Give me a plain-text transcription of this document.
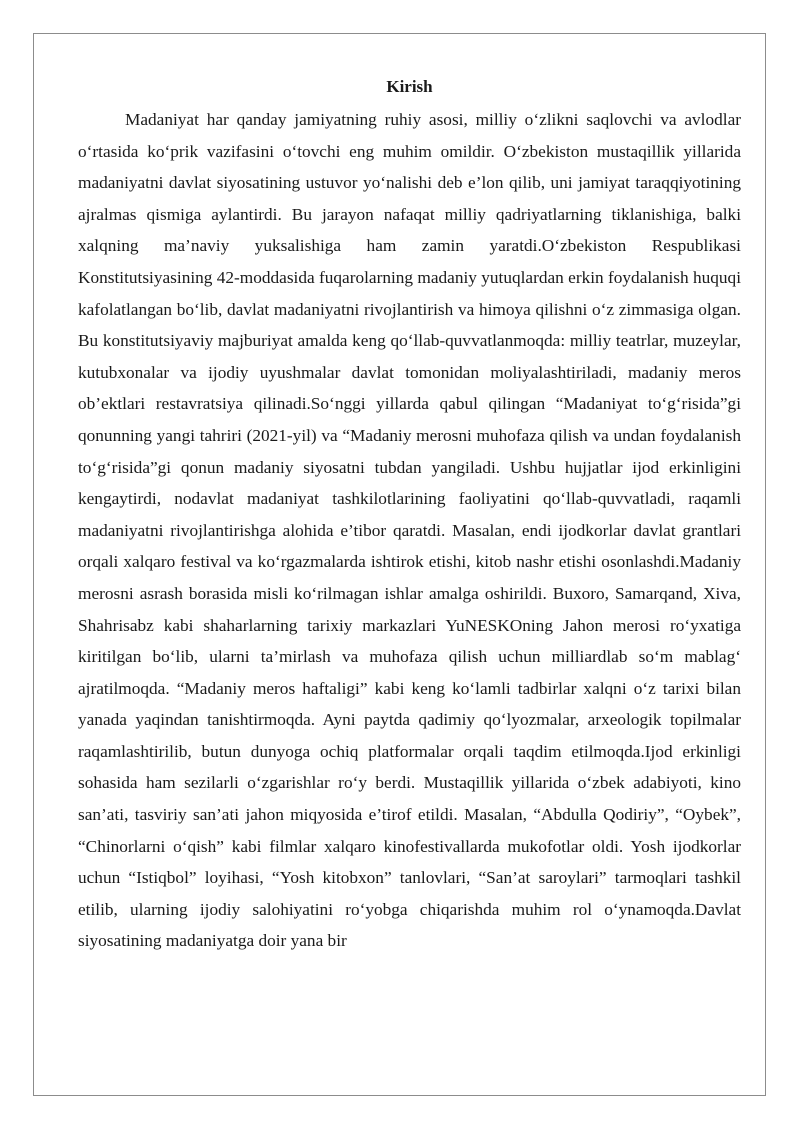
Kirish

Madaniyat har qanday jamiyatning ruhiy asosi, milliy o‘zlikni saqlovchi va avlodlar o‘rtasida ko‘prik vazifasini o‘tovchi eng muhim omildir. O‘zbekiston mustaqillik yillarida madaniyatni davlat siyosatining ustuvor yo‘nalishi deb e’lon qilib, uni jamiyat taraqqiyotining ajralmas qismiga aylantirdi. Bu jarayon nafaqat milliy qadriyatlarning tiklanishiga, balki xalqning ma’naviy yuksalishiga ham zamin yaratdi.O‘zbekiston Respublikasi Konstitutsiyasining 42-moddasida fuqarolarning madaniy yutuqlardan erkin foydalanish huquqi kafolatlangan bo‘lib, davlat madaniyatni rivojlantirish va himoya qilishni o‘z zimmasiga olgan. Bu konstitutsiyaviy majburiyat amalda keng qo‘llab-quvvatlanmoqda: milliy teatrlar, muzeylar, kutubxonalar va ijodiy uyushmalar davlat tomonidan moliyalashtiriladi, madaniy meros ob’ektlari restavratsiya qilinadi.So‘nggi yillarda qabul qilingan “Madaniyat to‘g‘risida”gi qonunning yangi tahriri (2021-yil) va “Madaniy merosni muhofaza qilish va undan foydalanish to‘g‘risida”gi qonun madaniy siyosatni tubdan yangiladi. Ushbu hujjatlar ijod erkinligini kengaytirdi, nodavlat madaniyat tashkilotlarining faoliyatini qo‘llab-quvvatladi, raqamli madaniyatni rivojlantirishga alohida e’tibor qaratdi. Masalan, endi ijodkorlar davlat grantlari orqali xalqaro festival va ko‘rgazmalarda ishtirok etishi, kitob nashr etishi osonlashdi.Madaniy merosni asrash borasida misli ko‘rilmagan ishlar amalga oshirildi. Buxoro, Samarqand, Xiva, Shahrisabz kabi shaharlarning tarixiy markazlari YuNESKOning Jahon merosi ro‘yxatiga kiritilgan bo‘lib, ularni ta’mirlash va muhofaza qilish uchun milliardlab so‘m mablag‘ ajratilmoqda. “Madaniy meros haftaligi” kabi keng ko‘lamli tadbirlar xalqni o‘z tarixi bilan yanada yaqindan tanishtirmoqda. Ayni paytda qadimiy qo‘lyozmalar, arxeologik topilmalar raqamlashtirilib, butun dunyoga ochiq platformalar orqali taqdim etilmoqda.Ijod erkinligi sohasida ham sezilarli o‘zgarishlar ro‘y berdi. Mustaqillik yillarida o‘zbek adabiyoti, kino san’ati, tasviriy san’ati jahon miqyosida e’tirof etildi. Masalan, “Abdulla Qodiriy”, “Oybek”, “Chinorlarni o‘qish” kabi filmlar xalqaro kinofestivallarda mukofotlar oldi. Yosh ijodkorlar uchun “Istiqbol” loyihasi, “Yosh kitobxon” tanlovlari, “San’at saroylari” tarmoqlari tashkil etilib, ularning ijodiy salohiyatini ro‘yobga chiqarishda muhim rol o‘ynamoqda.Davlat siyosatining madaniyatga doir yana bir
